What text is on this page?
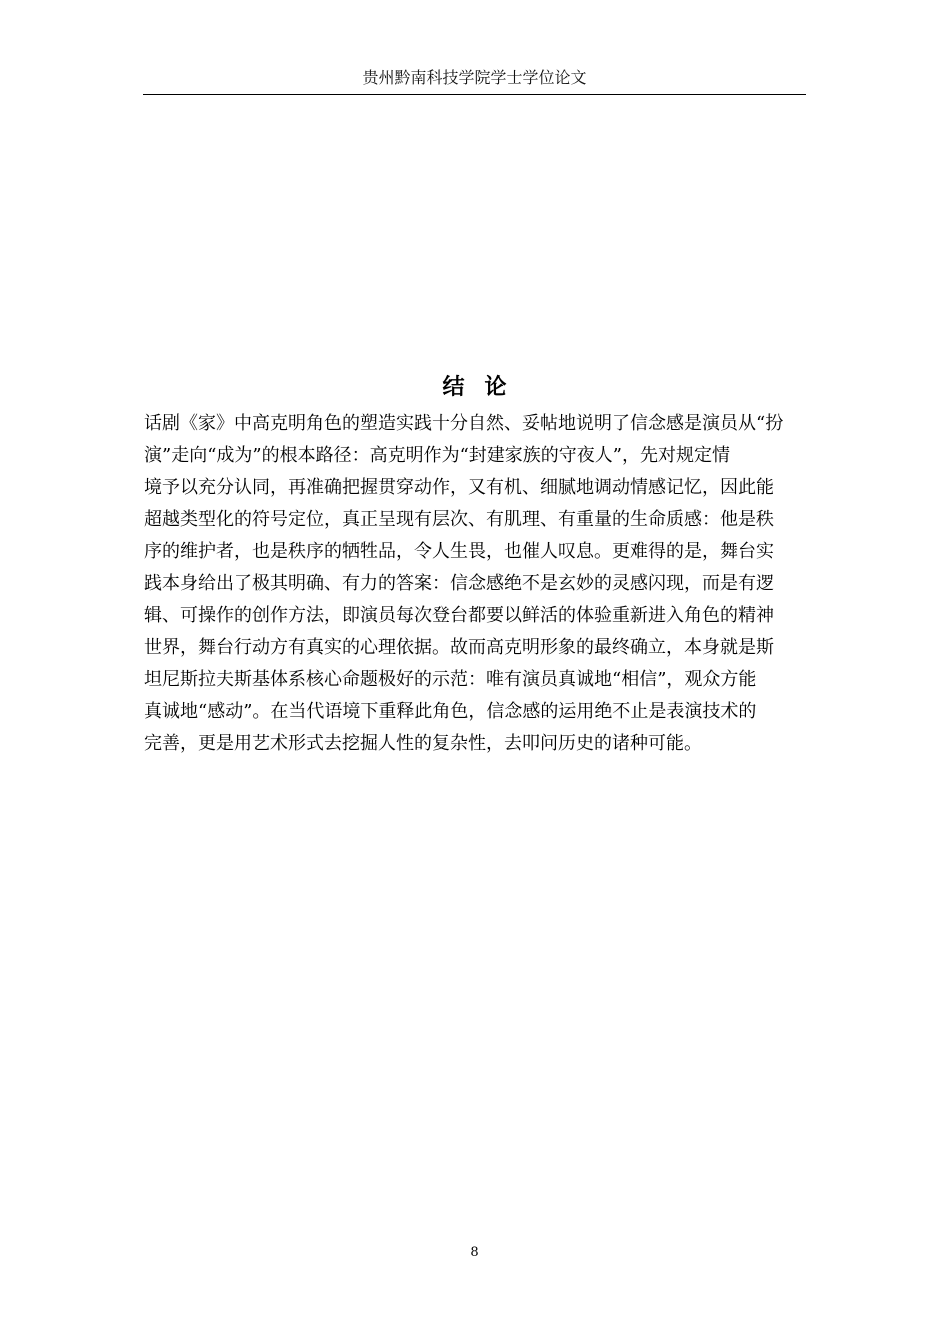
贵州黔南科技学院学士学位论文
结论
话剧《家》中高克明角色的塑造实践十分自然、妥帖地说明了信念感是演员从“扮
演”走向“成为”的根本路径：高克明作为“封建家族的守夜人”，先对规定情
境予以充分认同，再准确把握贯穿动作，又有机、细腻地调动情感记忆，因此能
超越类型化的符号定位，真正呈现有层次、有肌理、有重量的生命质感：他是秩
序的维护者，也是秩序的牺牲品，令人生畏，也催人叹息。更难得的是，舞台实
践本身给出了极其明确、有力的答案：信念感绝不是玄妙的灵感闪现，而是有逻
辑、可操作的创作方法，即演员每次登台都要以鲜活的体验重新进入角色的精神
世界，舞台行动方有真实的心理依据。故而高克明形象的最终确立，本身就是斯
坦尼斯拉夫斯基体系核心命题极好的示范：唯有演员真诚地“相信”，观众方能
真诚地“感动”。在当代语境下重释此角色，信念感的运用绝不止是表演技术的
完善，更是用艺术形式去挖掘人性的复杂性，去叩问历史的诸种可能。
8
